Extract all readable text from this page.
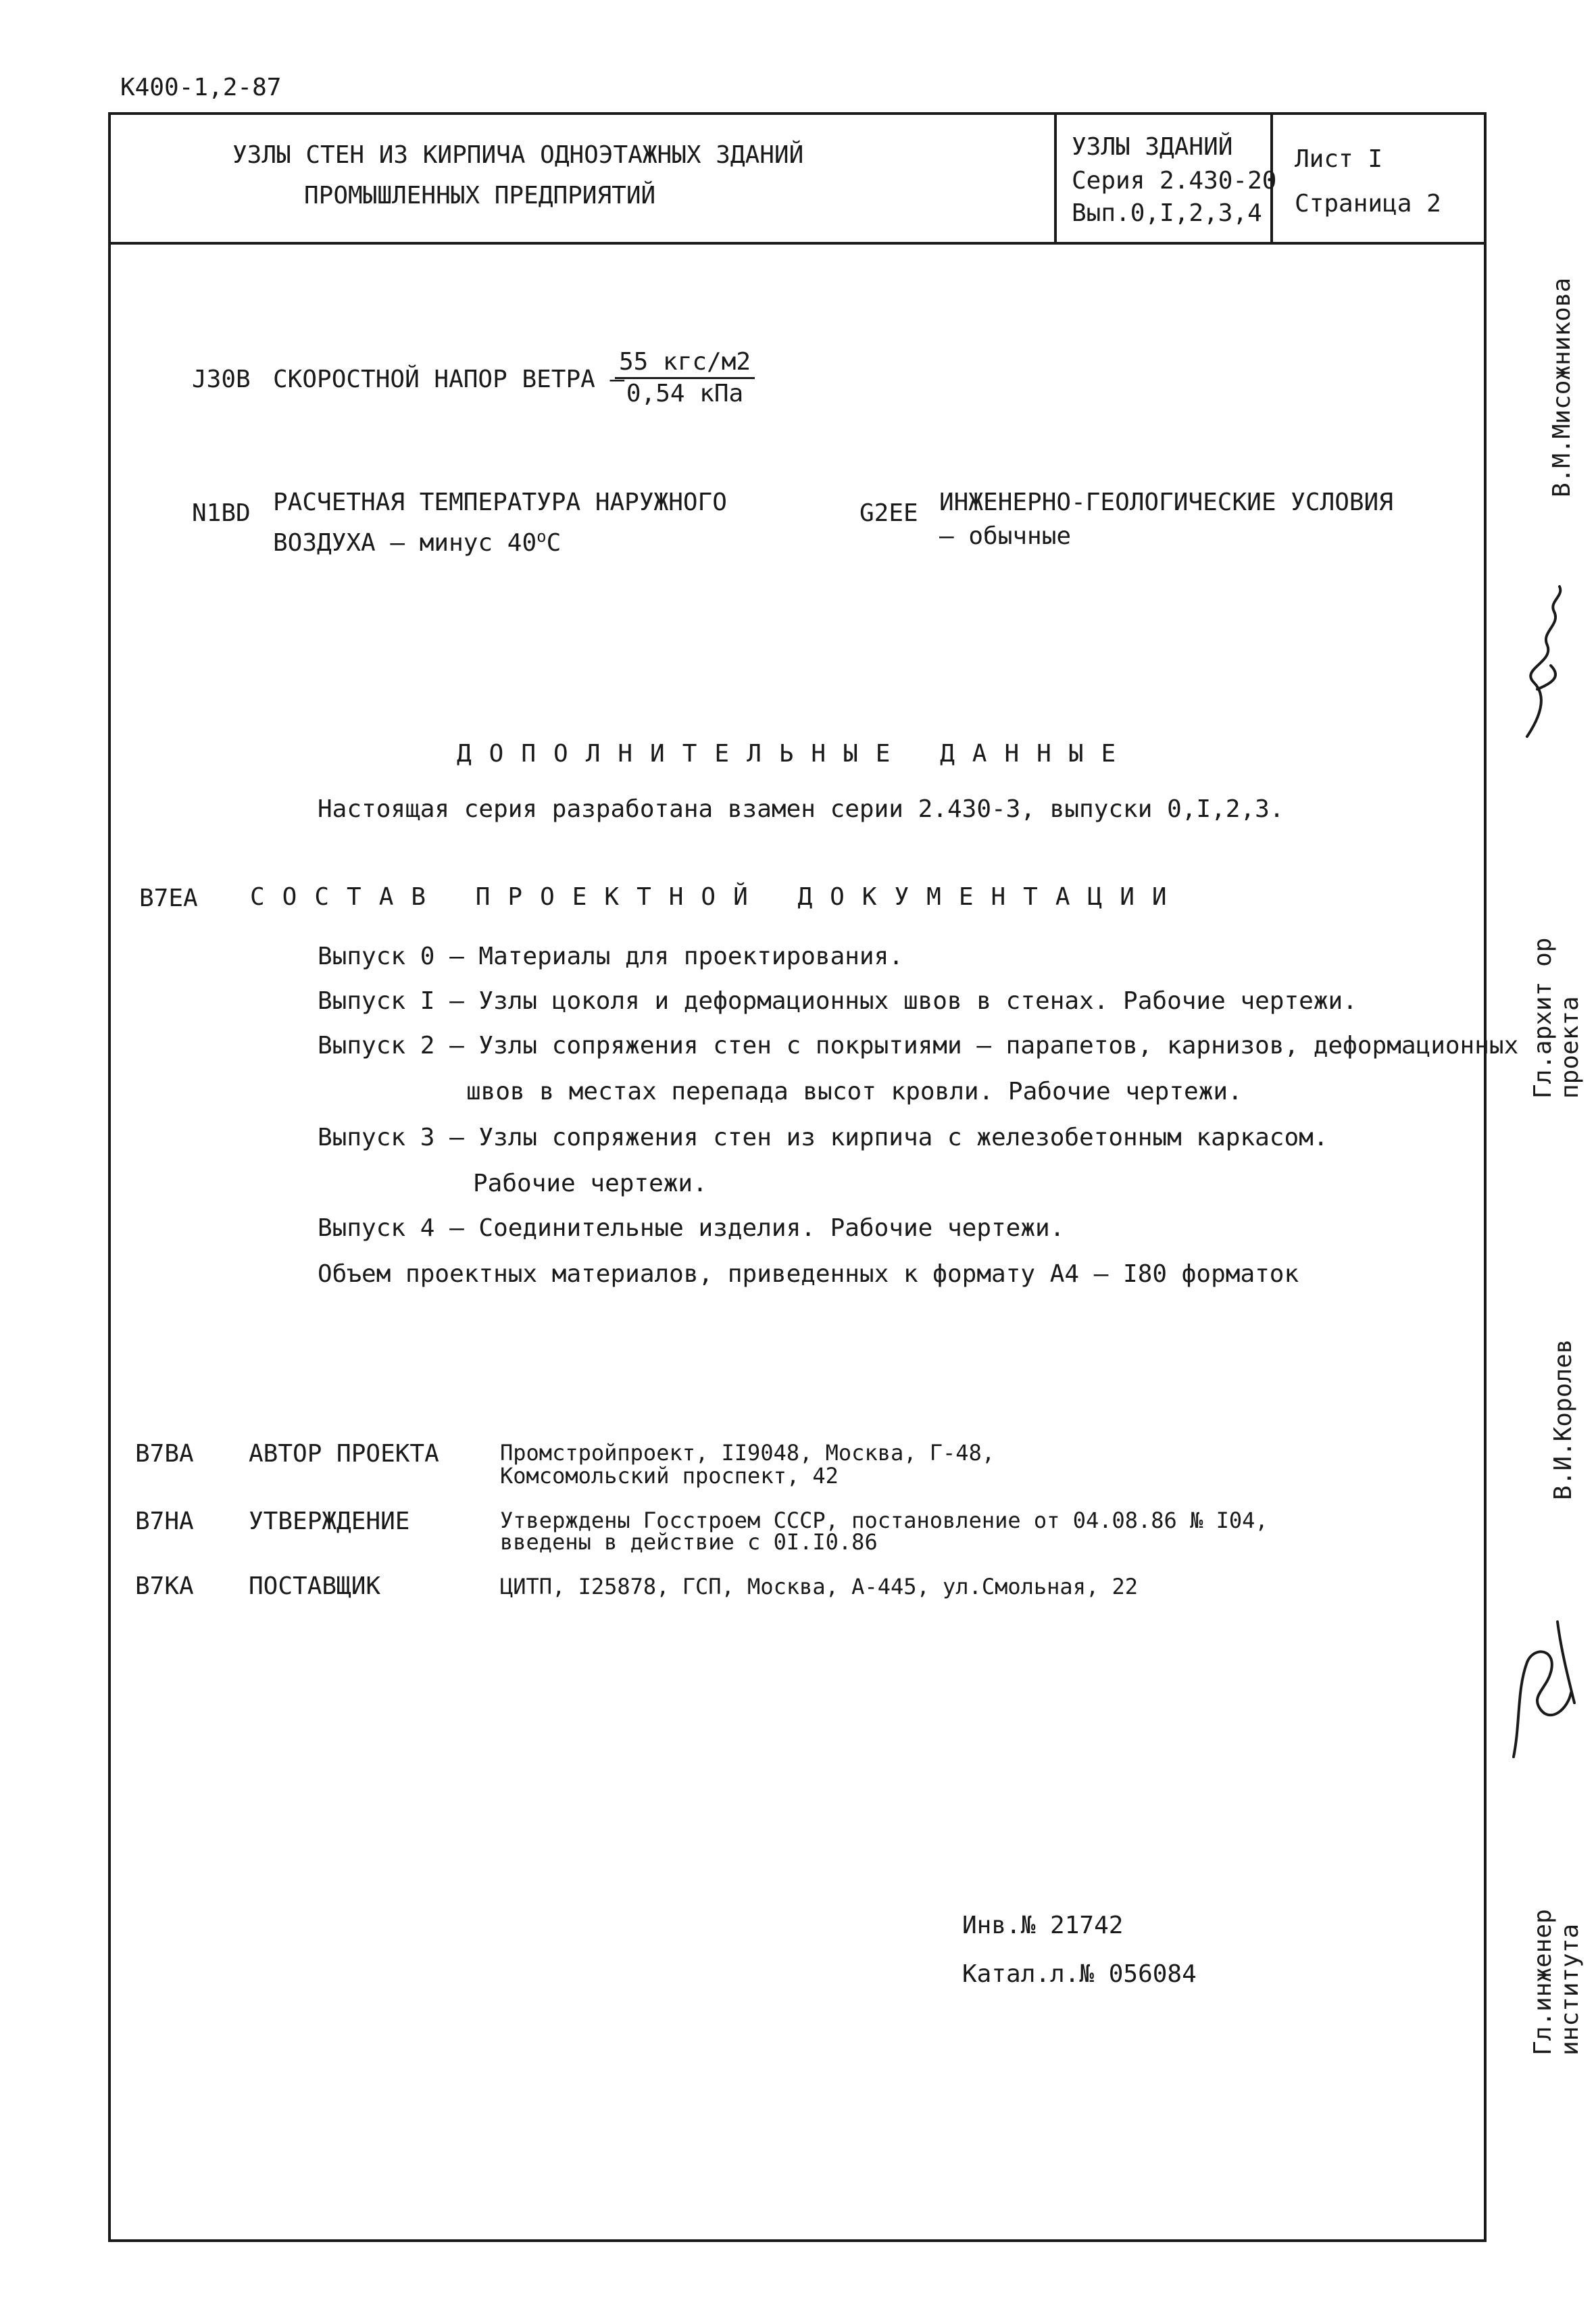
К400-1,2-87
УЗЛЫ СТЕН ИЗ КИРПИЧА ОДНОЭТАЖНЫХ ЗДАНИЙ
ПРОМЫШЛЕННЫХ ПРЕДПРИЯТИЙ
УЗЛЫ ЗДАНИЙ
Серия 2.430-20
Вып.0,I,2,3,4
Лист I
Страница 2
J30B СКОРОСТНОЙ НАПОР ВЕТРА –
$\frac{\text{55 кгс/м2}}{\text{0,54 кПа}}$
N1BD РАСЧЕТНАЯ ТЕМПЕРАТУРА НАРУЖНОГО
ВОЗДУХА – минус $40^оС$
G2EE ИНЖЕНЕРНО-ГЕОЛОГИЧЕСКИЕ УСЛОВИЯ
– обычные
ДОПОЛНИТЕЛЬНЫЕ ДАННЫЕ
Настоящая серия разработана взамен серии 2.430-3, выпуски 0,I,2,3.
B7EA СОСТАВ ПРОЕКТНОЙ ДОКУМЕНТАЦИИ
Выпуск 0 – Материалы для проектирования.
Выпуск I – Узлы цоколя и деформационных швов в стенах. Рабочие чертежи.
Выпуск 2 – Узлы сопряжения стен с покрытиями – парапетов, карнизов, деформационных
швов в местах перепада высот кровли. Рабочие чертежи.
Выпуск 3 – Узлы сопряжения стен из кирпича с железобетонным каркасом.
Рабочие чертежи.
Выпуск 4 – Соединительные изделия. Рабочие чертежи.
Объем проектных материалов, приведенных к формату А4 – I80 форматок
B7BA АВТОР ПРОЕКТА	Промстройпроект, II9048, Москва, Г-48,
Комсомольский проспект, 42
B7HA УТВЕРЖДЕНИЕ	Утверждены Госстроем СССР, постановление от 04.08.86 № I04,
введены в действие с 0I.I0.86
B7KA ПОСТАВЩИК	ЦИТП, I25878, ГСП, Москва, А-445, ул.Смольная, 22
Инв.№ 21742
Катал.л.№ 056084
В.М.Мисожникова
Гл.архит ор проекта
В.И.Королев
Гл.инженер института
